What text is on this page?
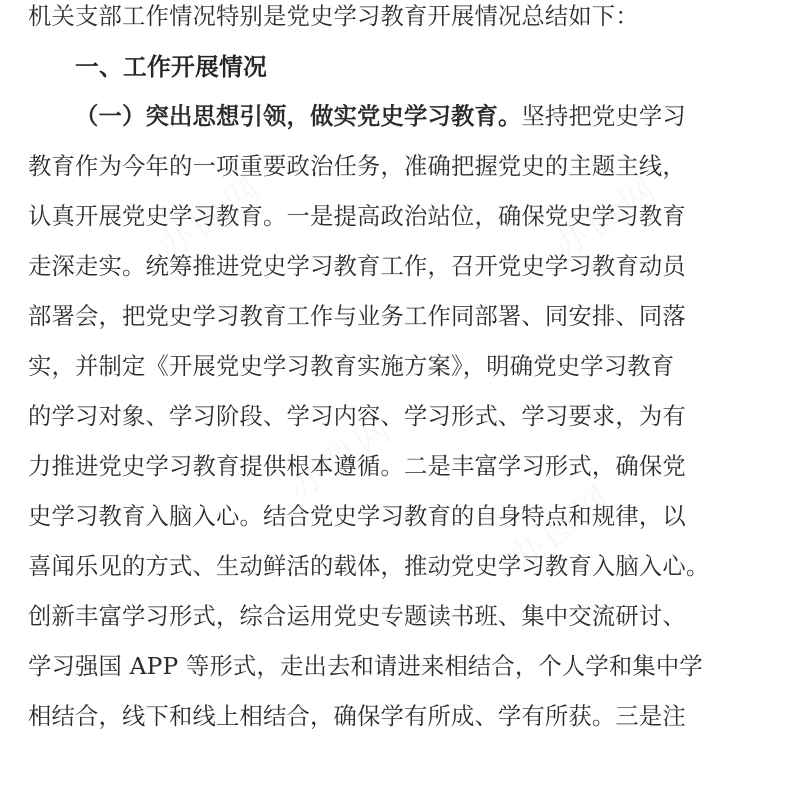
办图网	办图网
办图网
办图网
机关支部工作情况特别是党史学习教育开展情况总结如下：
一、工作开展情况
（一）突出思想引领，做实党史学习教育。坚持把党史学习
教育作为今年的一项重要政治任务，准确把握党史的主题主线，
认真开展党史学习教育。一是提高政治站位，确保党史学习教育
走深走实。统筹推进党史学习教育工作，召开党史学习教育动员
部署会，把党史学习教育工作与业务工作同部署、同安排、同落
实，并制定《开展党史学习教育实施方案》，明确党史学习教育
的学习对象、学习阶段、学习内容、学习形式、学习要求，为有
力推进党史学习教育提供根本遵循。二是丰富学习形式，确保党
史学习教育入脑入心。结合党史学习教育的自身特点和规律，以
喜闻乐见的方式、生动鲜活的载体，推动党史学习教育入脑入心。
创新丰富学习形式，综合运用党史专题读书班、集中交流研讨、
学习强国 APP 等形式，走出去和请进来相结合，个人学和集中学
相结合，线下和线上相结合，确保学有所成、学有所获。三是注
